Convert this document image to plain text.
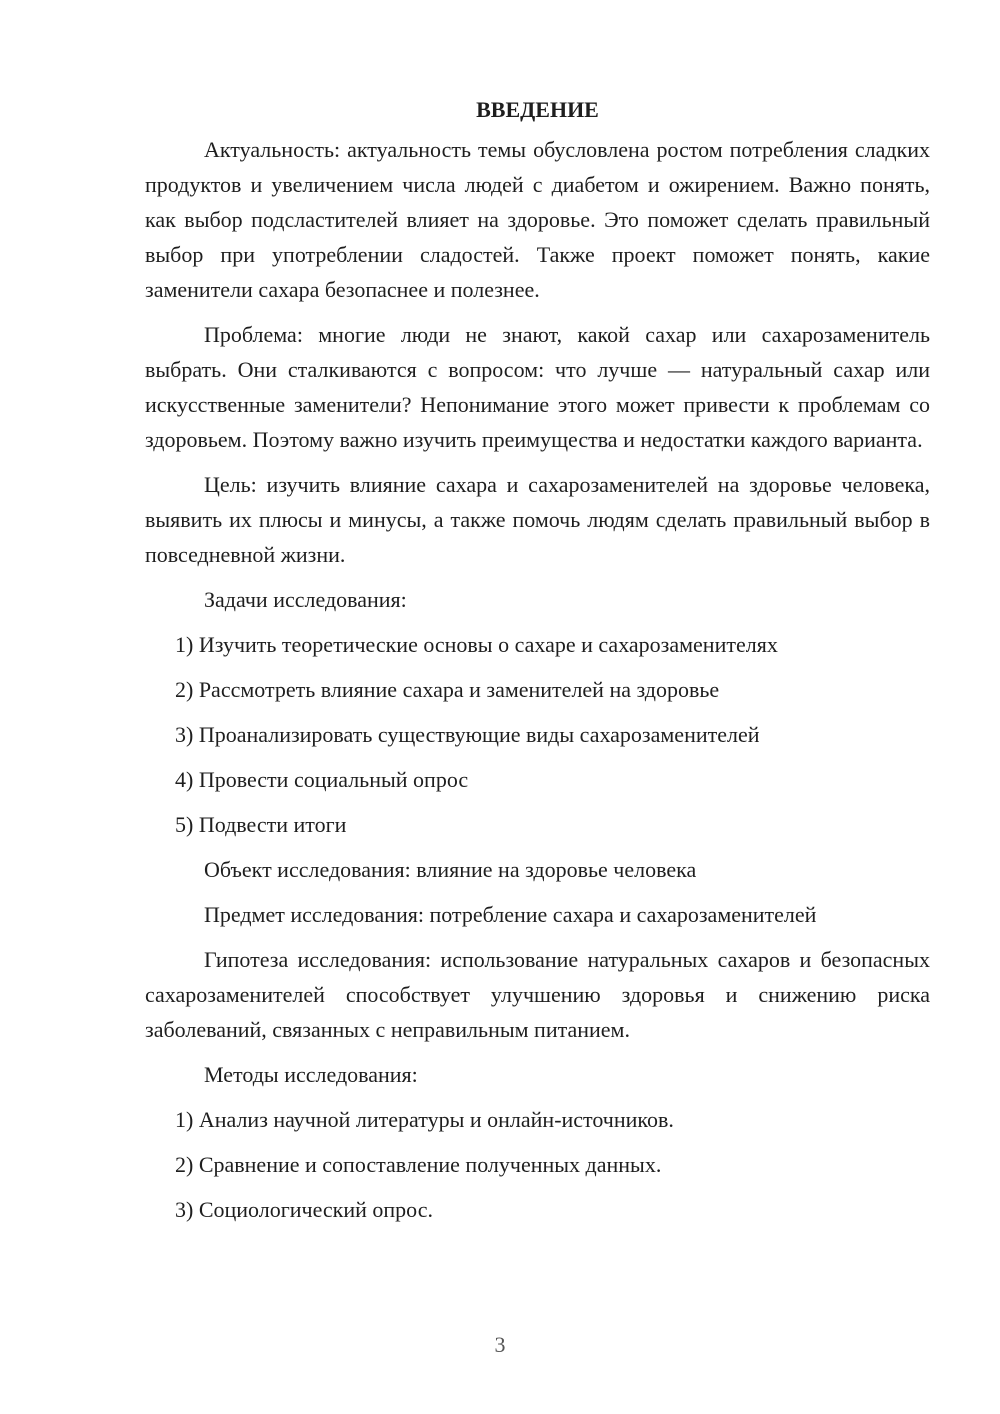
ВВЕДЕНИЕ

Актуальность: актуальность темы обусловлена ростом потребления сладких продуктов и увеличением числа людей с диабетом и ожирением. Важно понять, как выбор подсластителей влияет на здоровье. Это поможет сделать правильный выбор при употреблении сладостей. Также проект поможет понять, какие заменители сахара безопаснее и полезнее.

Проблема: многие люди не знают, какой сахар или сахарозаменитель выбрать. Они сталкиваются с вопросом: что лучше — натуральный сахар или искусственные заменители? Непонимание этого может привести к проблемам со здоровьем. Поэтому важно изучить преимущества и недостатки каждого варианта.

Цель: изучить влияние сахара и сахарозаменителей на здоровье человека, выявить их плюсы и минусы, а также помочь людям сделать правильный выбор в повседневной жизни.

Задачи исследования:

1) Изучить теоретические основы о сахаре и сахарозаменителях

2) Рассмотреть влияние сахара и заменителей на здоровье

3) Проанализировать существующие виды сахарозаменителей

4) Провести социальный опрос

5) Подвести итоги

Объект исследования: влияние на здоровье человека

Предмет исследования: потребление сахара и сахарозаменителей

Гипотеза исследования: использование натуральных сахаров и безопасных сахарозаменителей способствует улучшению здоровья и снижению риска заболеваний, связанных с неправильным питанием.

Методы исследования:

1) Анализ научной литературы и онлайн-источников.

2) Сравнение и сопоставление полученных данных.

3) Социологический опрос.

3
